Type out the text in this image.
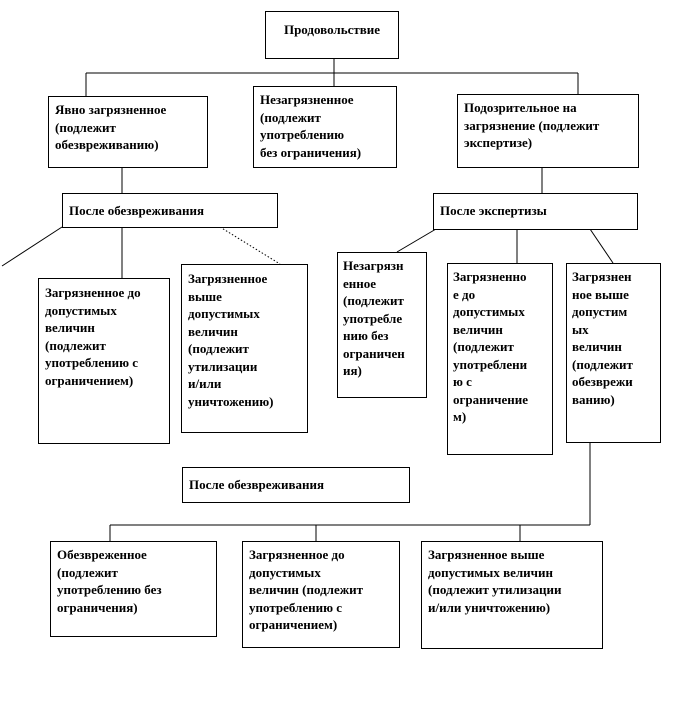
Продовольствие
Явно загрязненное
(подлежит
обезвреживанию)
Незагрязненное
(подлежит
употреблению
без ограничения)
Подозрительное на
загрязнение (подлежит
экспертизе)
После обезвреживания	После экспертизы
Загрязненное до
допустимых
величин
(подлежит
употреблению с
ограничением)
Загрязненное
выше
допустимых
величин
(подлежит
утилизации
и/или
уничтожению)
Незагрязн
енное
(подлежит
употребле
нию без
ограничен
ия)
Загрязненно
е до
допустимых
величин
(подлежит
употреблени
ю с
ограничение
м)
Загрязнен
ное выше
допустим
ых
величин
(подлежит
обезврежи
ванию)
После обезвреживания
Обезвреженное
(подлежит
употреблению без
ограничения)
Загрязненное до
допустимых
величин (подлежит
употреблению с
ограничением)
Загрязненное выше
допустимых величин
(подлежит утилизации
и/или уничтожению)
